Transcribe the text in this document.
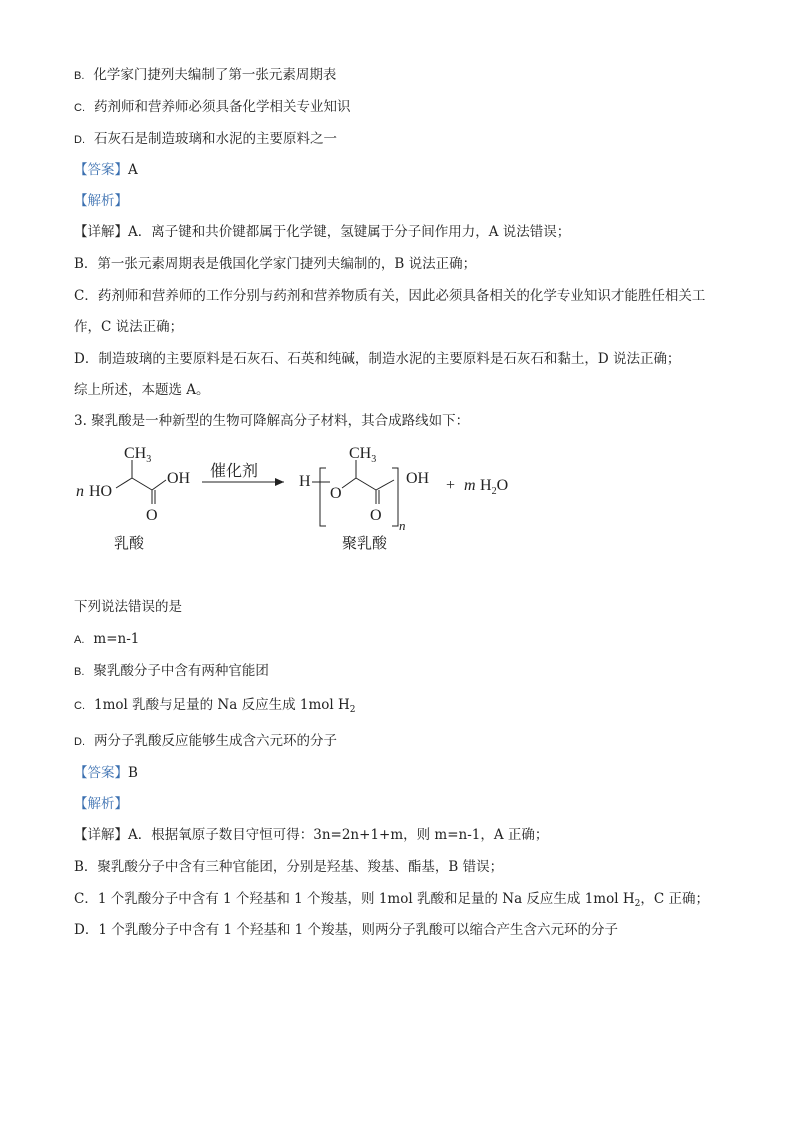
B. 化学家门捷列夫编制了第一张元素周期表
C. 药剂师和营养师必须具备化学相关专业知识
D. 石灰石是制造玻璃和水泥的主要原料之一
【答案】A
【解析】
【详解】A．离子键和共价键都属于化学键，氢键属于分子间作用力，A 说法错误；
B．第一张元素周期表是俄国化学家门捷列夫编制的，B 说法正确；
C．药剂师和营养师的工作分别与药剂和营养物质有关，因此必须具备相关的化学专业知识才能胜任相关工
作，C 说法正确；
D．制造玻璃的主要原料是石灰石、石英和纯碱，制造水泥的主要原料是石灰石和黏土，D 说法正确；
综上所述，本题选 A。
3. 聚乳酸是一种新型的生物可降解高分子材料，其合成路线如下：
n HO
$CH_3$
O
OH 催化剂
H
O
$CH_3$
O
n
OH + m $H_2O$
乳酸	聚乳酸
下列说法错误的是
A. m=n-1
B. 聚乳酸分子中含有两种官能团
C. 1mol 乳酸与足量的 Na 反应生成 1mol $H_2$
D. 两分子乳酸反应能够生成含六元环的分子
【答案】B
【解析】
【详解】A．根据氧原子数目守恒可得：3n=2n+1+m，则 m=n-1，A 正确；
B．聚乳酸分子中含有三种官能团，分别是羟基、羧基、酯基，B 错误；
C．1 个乳酸分子中含有 1 个羟基和 1 个羧基，则 1mol 乳酸和足量的 Na 反应生成 1mol $H_2$，C 正确；
D．1 个乳酸分子中含有 1 个羟基和 1 个羧基，则两分子乳酸可以缩合产生含六元环的分子
